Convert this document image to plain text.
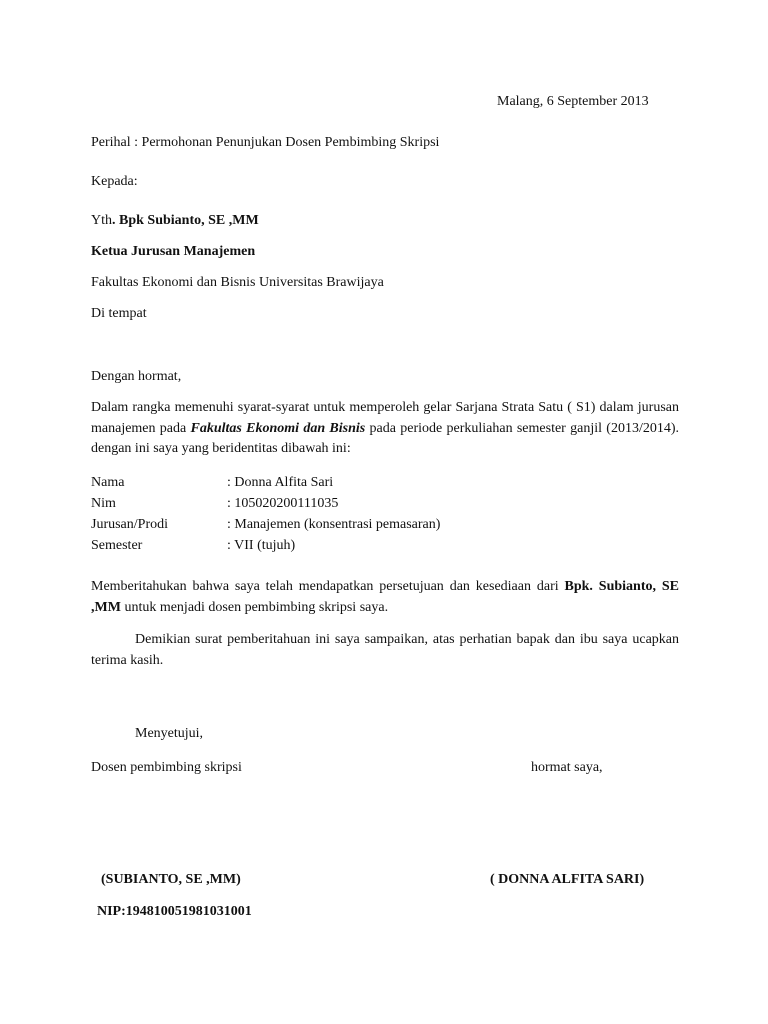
Malang, 6 September 2013
Perihal : Permohonan Penunjukan Dosen Pembimbing Skripsi
Kepada:
Yth. Bpk Subianto, SE ,MM
Ketua Jurusan Manajemen
Fakultas Ekonomi dan Bisnis Universitas Brawijaya
Di tempat
Dengan hormat,
Dalam rangka memenuhi syarat-syarat untuk memperoleh gelar Sarjana Strata Satu ( S1) dalam jurusan manajemen pada Fakultas Ekonomi dan Bisnis pada periode perkuliahan semester ganjil (2013/2014). dengan ini saya yang beridentitas dibawah ini:
Nama	: Donna Alfita Sari
Nim	: 105020200111035
Jurusan/Prodi	: Manajemen (konsentrasi pemasaran)
Semester	: VII (tujuh)
Memberitahukan bahwa saya telah mendapatkan persetujuan dan kesediaan dari Bpk. Subianto, SE ,MM untuk menjadi dosen pembimbing skripsi saya.
Demikian surat pemberitahuan ini saya sampaikan, atas perhatian bapak dan ibu saya ucapkan terima kasih.
Menyetujui,
Dosen pembimbing skripsi	hormat saya,
(SUBIANTO, SE ,MM)	( DONNA ALFITA SARI)
NIP:194810051981031001
